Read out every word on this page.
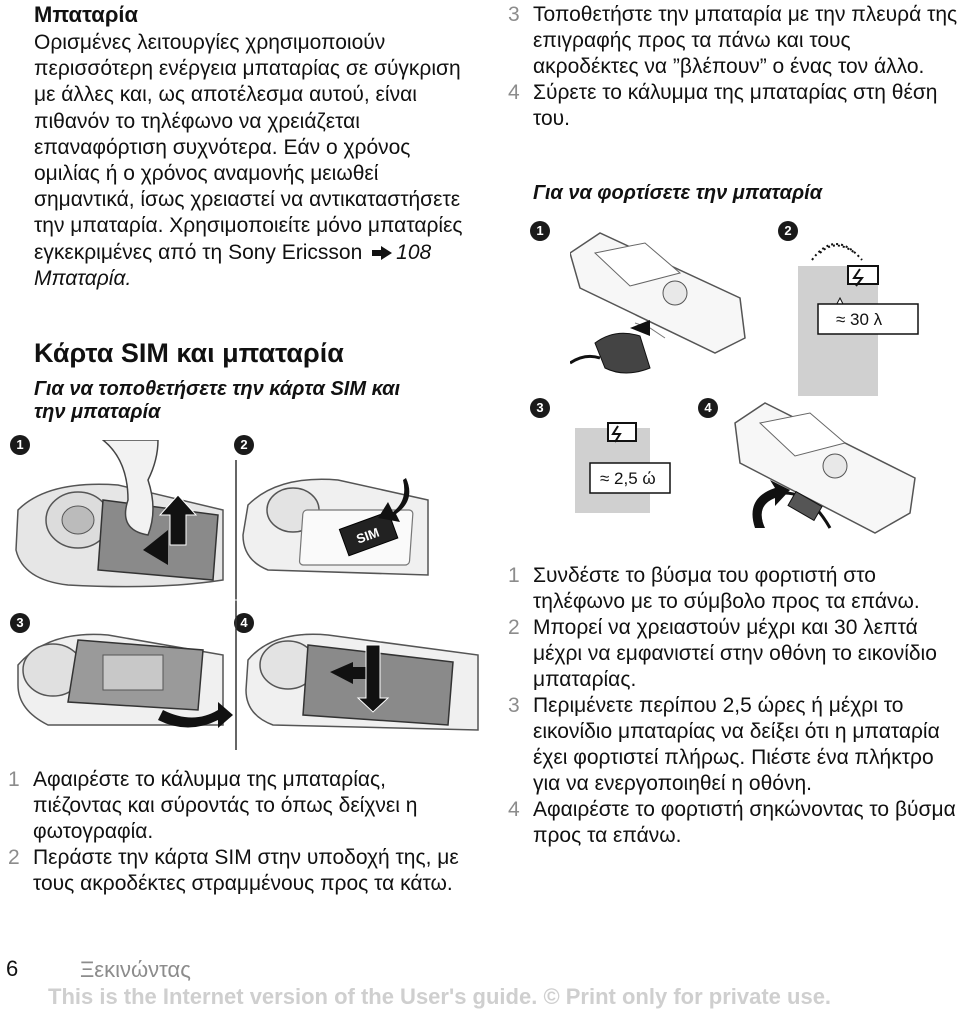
Μπαταρία
Ορισμένες λειτουργίες χρησιμοποιούν περισσότερη ενέργεια μπαταρίας σε σύγκριση με άλλες και, ως αποτέλεσμα αυτού, είναι πιθανόν το τηλέφωνο να χρειάζεται επαναφόρτιση συχνότερα. Εάν ο χρόνος ομιλίας ή ο χρόνος αναμονής μειωθεί σημαντικά, ίσως χρειαστεί να αντικαταστήσετε την μπαταρία. Χρησιμοποιείτε μόνο μπαταρίες εγκεκριμένες από τη Sony Ericsson 108 Μπαταρία.
Κάρτα SIM και μπαταρία
Για να τοποθετήσετε την κάρτα SIM και την μπαταρία
1	2
3	4
SIM
1 Αφαιρέστε το κάλυμμα της μπαταρίας, πιέζοντας και σύροντάς το όπως δείχνει η φωτογραφία.
2 Περάστε την κάρτα SIM στην υποδοχή της, με τους ακροδέκτες στραμμένους προς τα κάτω.
3 Τοποθετήστε την μπαταρία με την πλευρά της επιγραφής προς τα πάνω και τους ακροδέκτες να ”βλέπουν” ο ένας τον άλλο.
4 Σύρετε το κάλυμμα της μπαταρίας στη θέση του.
Για να φορτίσετε την μπαταρία
1	2
3	4
≈ 30 λ
≈ 2,5 ώ
1 Συνδέστε το βύσμα του φορτιστή στο τηλέφωνο με το σύμβολο προς τα επάνω.
2 Μπορεί να χρειαστούν μέχρι και 30 λεπτά μέχρι να εμφανιστεί στην οθόνη το εικονίδιο μπαταρίας.
3 Περιμένετε περίπου 2,5 ώρες ή μέχρι το εικονίδιο μπαταρίας να δείξει ότι η μπαταρία έχει φορτιστεί πλήρως. Πιέστε ένα πλήκτρο για να ενεργοποιηθεί η οθόνη.
4 Αφαιρέστε το φορτιστή σηκώνοντας το βύσμα προς τα επάνω.
6	Ξεκινώντας
This is the Internet version of the User's guide. © Print only for private use.
